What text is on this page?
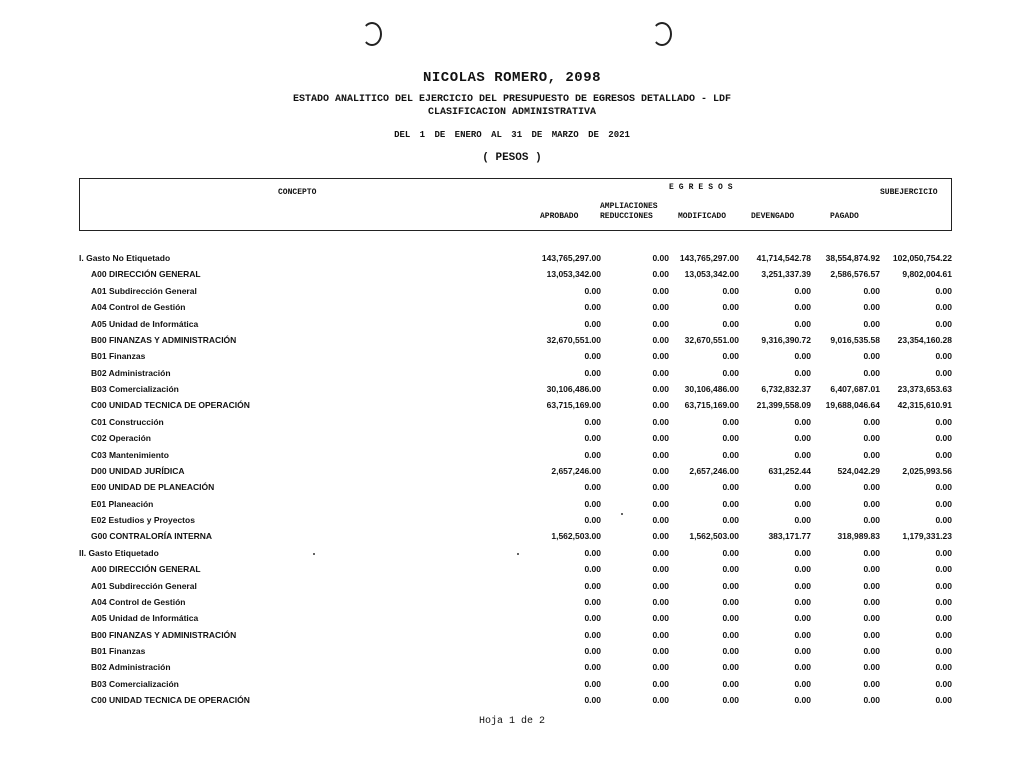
NICOLAS ROMERO, 2098
ESTADO ANALITICO DEL EJERCICIO DEL PRESUPUESTO DE EGRESOS DETALLADO - LDF
CLASIFICACION ADMINISTRATIVA
DEL 1 DE ENERO AL 31 DE MARZO DE 2021
( PESOS )
CONCEPTO
EGRESOS
SUBEJERCICIO
APROBADO
AMPLIACIONES
REDUCCIONES	MODIFICADO	DEVENGADO	PAGADO
I. Gasto No Etiquetado	143,765,297.00	0.00 143,765,297.00 41,714,542.78 38,554,874.92 102,050,754.22
A00 DIRECCIÓN GENERAL	13,053,342.00	0.00 13,053,342.00	3,251,337.39 2,586,576.57	9,802,004.61
A01 Subdirección General	0.00	0.00	0.00	0.00	0.00	0.00
A04 Control de Gestión	0.00	0.00	0.00	0.00	0.00	0.00
A05 Unidad de Informática	0.00	0.00	0.00	0.00	0.00	0.00
B00 FINANZAS Y ADMINISTRACIÓN	32,670,551.00	0.00 32,670,551.00	9,316,390.72 9,016,535.58 23,354,160.28
B01 Finanzas	0.00	0.00	0.00	0.00	0.00	0.00
B02 Administración	0.00	0.00	0.00	0.00	0.00	0.00
B03 Comercialización	30,106,486.00	0.00 30,106,486.00	6,732,832.37 6,407,687.01 23,373,653.63
C00 UNIDAD TECNICA DE OPERACIÓN	63,715,169.00	0.00 63,715,169.00 21,399,558.09 19,688,046.64 42,315,610.91
C01 Construcción	0.00	0.00	0.00	0.00	0.00	0.00
C02 Operación	0.00	0.00	0.00	0.00	0.00	0.00
C03 Mantenimiento	0.00	0.00	0.00	0.00	0.00	0.00
D00 UNIDAD JURÍDICA	2,657,246.00	0.00 2,657,246.00	631,252.44	524,042.29	2,025,993.56
E00 UNIDAD DE PLANEACIÓN	0.00	0.00	0.00	0.00	0.00	0.00
E01 Planeación	0.00	0.00	0.00	0.00	0.00	0.00
E02 Estudios y Proyectos	0.00	0.00	0.00	0.00	0.00	0.00
G00 CONTRALORÍA INTERNA	1,562,503.00	0.00 1,562,503.00	383,171.77	318,989.83	1,179,331.23
II. Gasto Etiquetado	0.00	0.00	0.00	0.00	0.00	0.00
A00 DIRECCIÓN GENERAL	0.00	0.00	0.00	0.00	0.00	0.00
A01 Subdirección General	0.00	0.00	0.00	0.00	0.00	0.00
A04 Control de Gestión	0.00	0.00	0.00	0.00	0.00	0.00
A05 Unidad de Informática	0.00	0.00	0.00	0.00	0.00	0.00
B00 FINANZAS Y ADMINISTRACIÓN	0.00	0.00	0.00	0.00	0.00	0.00
B01 Finanzas	0.00	0.00	0.00	0.00	0.00	0.00
B02 Administración	0.00	0.00	0.00	0.00	0.00	0.00
B03 Comercialización	0.00	0.00	0.00	0.00	0.00	0.00
C00 UNIDAD TECNICA DE OPERACIÓN	0.00	0.00	0.00	0.00	0.00	0.00
Hoja 1 de 2
